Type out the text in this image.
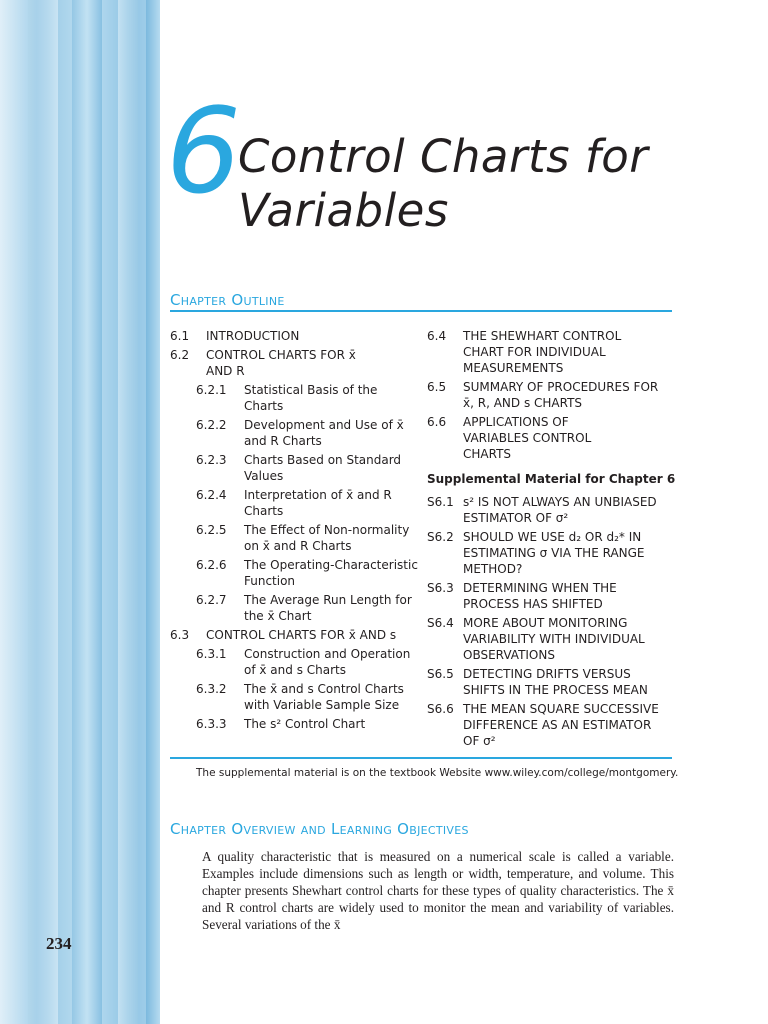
234
6
Control Charts for
Variables
Chapter Outline
6.1 INTRODUCTION
6.2 CONTROL CHARTS FOR x̄ AND R
6.2.1 Statistical Basis of the Charts
6.2.2 Development and Use of x̄ and R Charts
6.2.3 Charts Based on Standard Values
6.2.4 Interpretation of x̄ and R Charts
6.2.5 The Effect of Non-normality on x̄ and R Charts
6.2.6 The Operating-Characteristic Function
6.2.7 The Average Run Length for the x̄ Chart
6.3 CONTROL CHARTS FOR x̄ AND s
6.3.1 Construction and Operation of x̄ and s Charts
6.3.2 The x̄ and s Control Charts with Variable Sample Size
6.3.3 The s² Control Chart
6.4 THE SHEWHART CONTROL CHART FOR INDIVIDUAL MEASUREMENTS
6.5 SUMMARY OF PROCEDURES FOR x̄, R, AND s CHARTS
6.6 APPLICATIONS OF VARIABLES CONTROL CHARTS
Supplemental Material for Chapter 6
S6.1 s² IS NOT ALWAYS AN UNBIASED ESTIMATOR OF σ²
S6.2 SHOULD WE USE d₂ OR d₂* IN ESTIMATING σ VIA THE RANGE METHOD?
S6.3 DETERMINING WHEN THE PROCESS HAS SHIFTED
S6.4 MORE ABOUT MONITORING VARIABILITY WITH INDIVIDUAL OBSERVATIONS
S6.5 DETECTING DRIFTS VERSUS SHIFTS IN THE PROCESS MEAN
S6.6 THE MEAN SQUARE SUCCESSIVE DIFFERENCE AS AN ESTIMATOR OF σ²
The supplemental material is on the textbook Website www.wiley.com/college/montgomery.
Chapter Overview and Learning Objectives
A quality characteristic that is measured on a numerical scale is called a variable. Examples include dimensions such as length or width, temperature, and volume. This chapter presents Shewhart control charts for these types of quality characteristics. The x̄ and R control charts are widely used to monitor the mean and variability of variables. Several variations of the x̄
